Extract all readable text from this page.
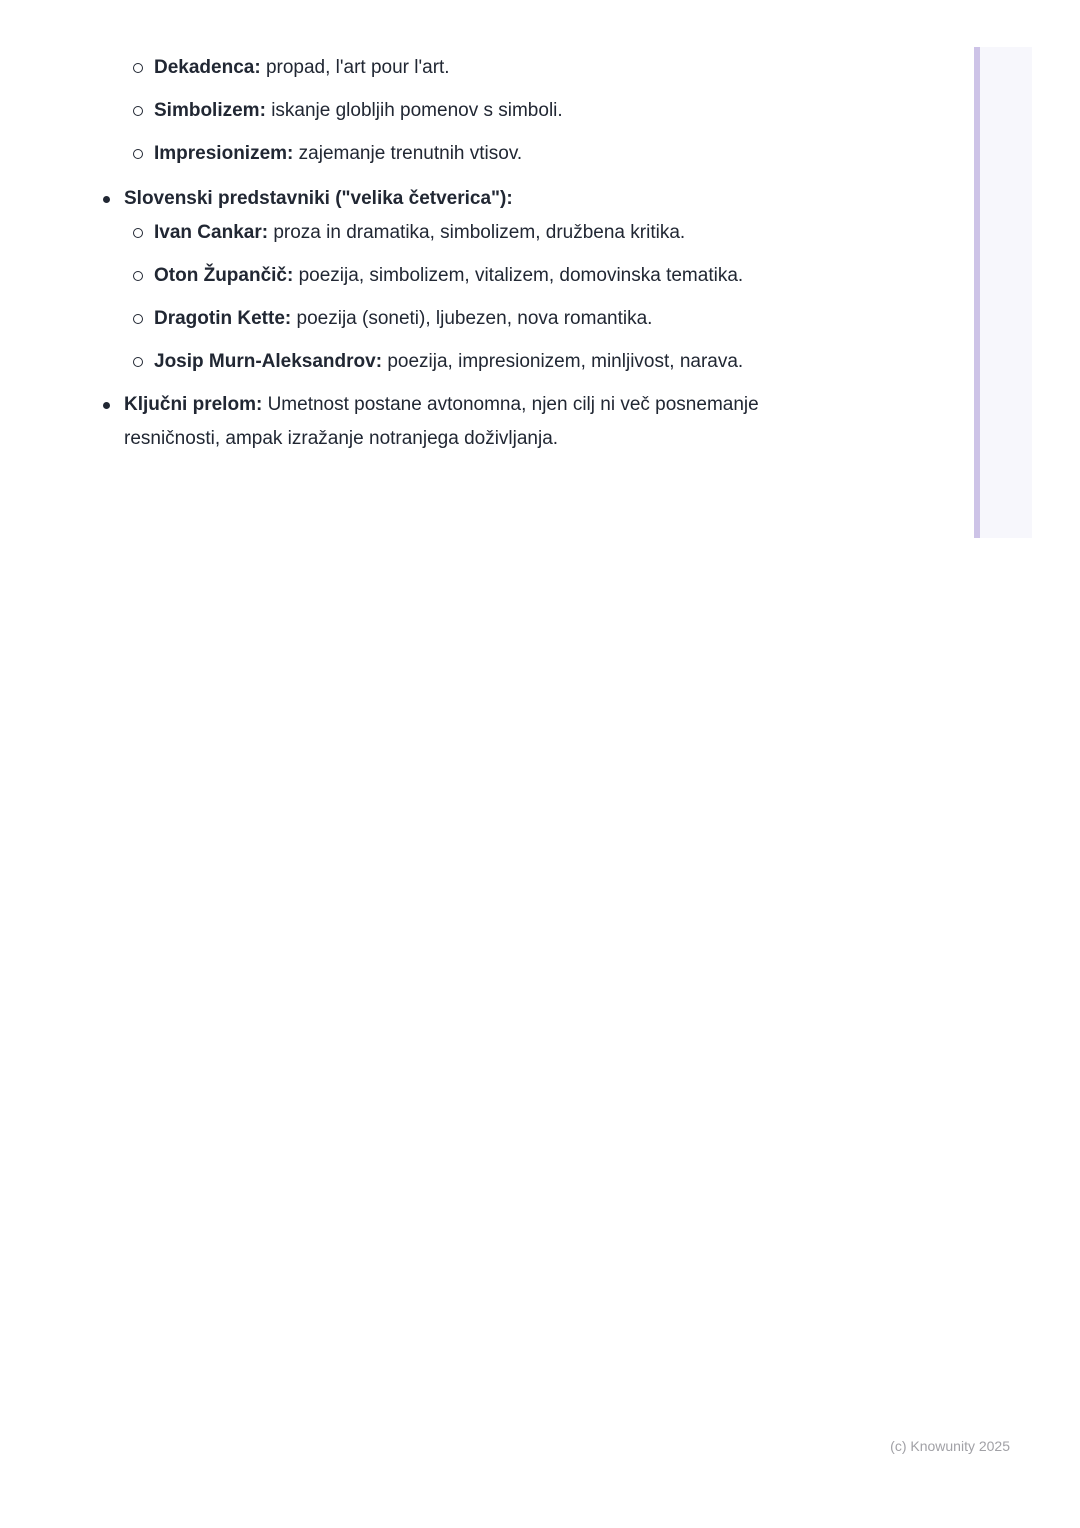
Dekadenca: propad, l'art pour l'art.
Simbolizem: iskanje globljih pomenov s simboli.
Impresionizem: zajemanje trenutnih vtisov.
Slovenski predstavniki ("velika četverica"):
Ivan Cankar: proza in dramatika, simbolizem, družbena kritika.
Oton Župančič: poezija, simbolizem, vitalizem, domovinska tematika.
Dragotin Kette: poezija (soneti), ljubezen, nova romantika.
Josip Murn-Aleksandrov: poezija, impresionizem, minljivost, narava.
Ključni prelom: Umetnost postane avtonomna, njen cilj ni več posnemanje resničnosti, ampak izražanje notranjega doživljanja.
(c) Knowunity 2025
